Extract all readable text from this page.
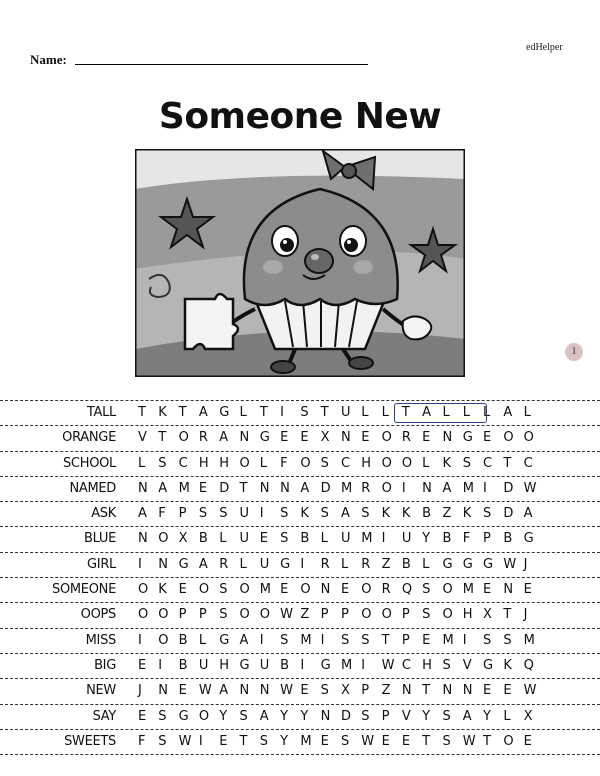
edHelper
Name:
Someone New
1
TALL T K T A G L T I S T U L L T A L L L A L
ORANGE V T O R A N G E E X N E O R E N G E O O
SCHOOL L S C H H O L F O S C H O O L K S C T C
NAMED N A M E D T N N A D M R O I N A M I D W
ASK A F P S S U I S K S A S K K B Z K S D A
BLUE N O X B L U E S B L U M I U Y B F P B G
GIRL I N G A R L U G I R L R Z B L G G G W J
SOMEONE O K E O S O M E O N E O R Q S O M E N E
OOPS O O P P S O O W Z P P O O P S O H X T J
MISS I O B L G A I S M I S S T P E M I S S M
BIG E I B U H G U B I G M I W C H S V G K Q
NEW J N E W A N N W E S X P Z N T N N E E W
SAY E S G O Y S A Y Y N D S P V Y S A Y L X
SWEETS F S W I E T S Y M E S W E E T S W T O E
